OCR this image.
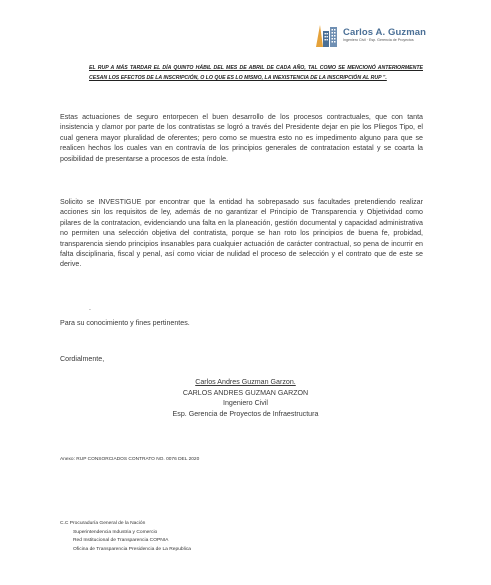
Carlos A. Guzman
Ingeniero Civil · Esp. Gerencia de Proyectos
EL RUP A MÁS TARDAR EL DÍA QUINTO HÁBIL DEL MES DE ABRIL DE CADA AÑO, TAL COMO SE MENCIONÓ ANTERIORMENTE CESAN LOS EFECTOS DE LA INSCRIPCIÓN, O LO QUE ES LO MISMO, LA INEXISTENCIA DE LA INSCRIPCIÓN AL RUP ”.
Estas actuaciones de seguro entorpecen el buen desarrollo de los procesos contractuales, que con tanta insistencia y clamor por parte de los contratistas se logró a través del Presidente dejar en pie los Pliegos Tipo, el cual genera mayor pluralidad de oferentes; pero como se muestra esto no es impedimento alguno para que se realicen hechos los cuales van en contravía de los principios generales de contratacion estatal y se coarta la posibilidad de presentarse a procesos de esta índole.
Solicito se INVESTIGUE por encontrar que la entidad ha sobrepasado sus facultades pretendiendo realizar acciones sin los requisitos de ley, además de no garantizar el Principio de Transparencia y Objetividad como pilares de la contratacion, evidenciando una falta en la planeación, gestión documental y capacidad administrativa no permiten una selección objetiva del contratista, porque se han roto los principios de buena fe, probidad, transparencia siendo principios insanables para cualquier actuación de carácter contractual, so pena de incurrir en falta disciplinaria, fiscal y penal, así como viciar de nulidad el proceso de selección y el contrato que de este se derive.
.
Para su conocimiento y fines pertinentes.
Cordialmente,
Carlos Andres Guzman Garzon.
CARLOS ANDRES GUZMAN GARZON
Ingeniero Civil
Esp. Gerencia de Proyectos de Infraestructura
Anexo: RUP CONSORCIADOS CONTRATO NO. 0076 DEL 2020
C.C Procuraduría General de la Nación
Superintendencia Industria y Comercio
Red Institucional de Transparencia COPNIA
Oficina de Transparencia Presidencia de La Republica
